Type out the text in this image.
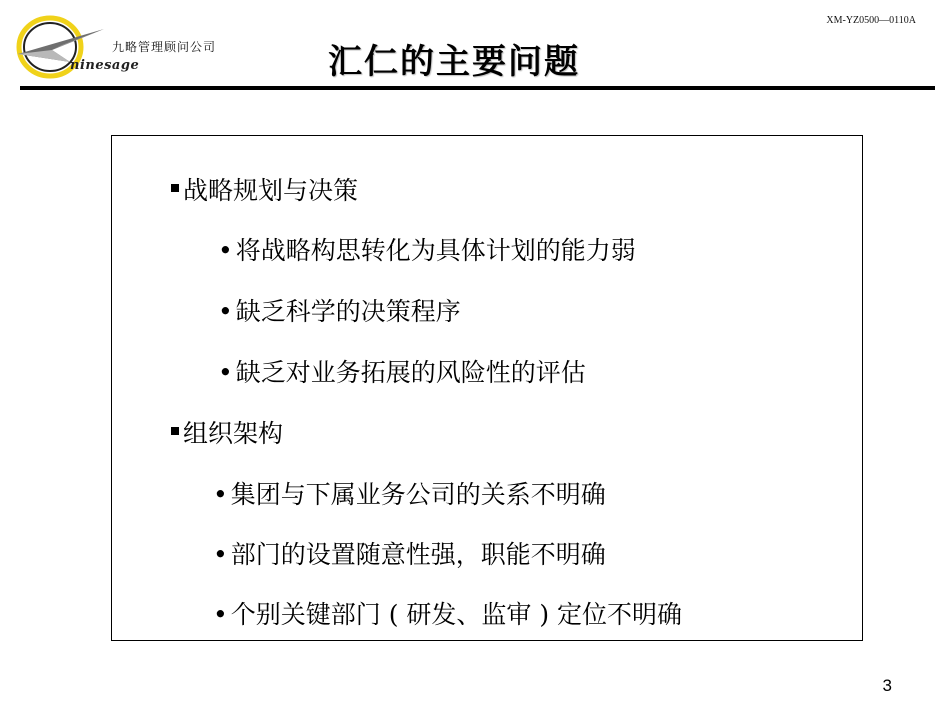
九略管理顾问公司
ninesage
XM-YZ0500—0110A
汇仁的主要问题
战略规划与决策
• 将战略构思转化为具体计划的能力弱
• 缺乏科学的决策程序
• 缺乏对业务拓展的风险性的评估
组织架构
• 集团与下属业务公司的关系不明确
• 部门的设置随意性强，职能不明确
• 个别关键部门 ( 研发、监审 ) 定位不明确
3
